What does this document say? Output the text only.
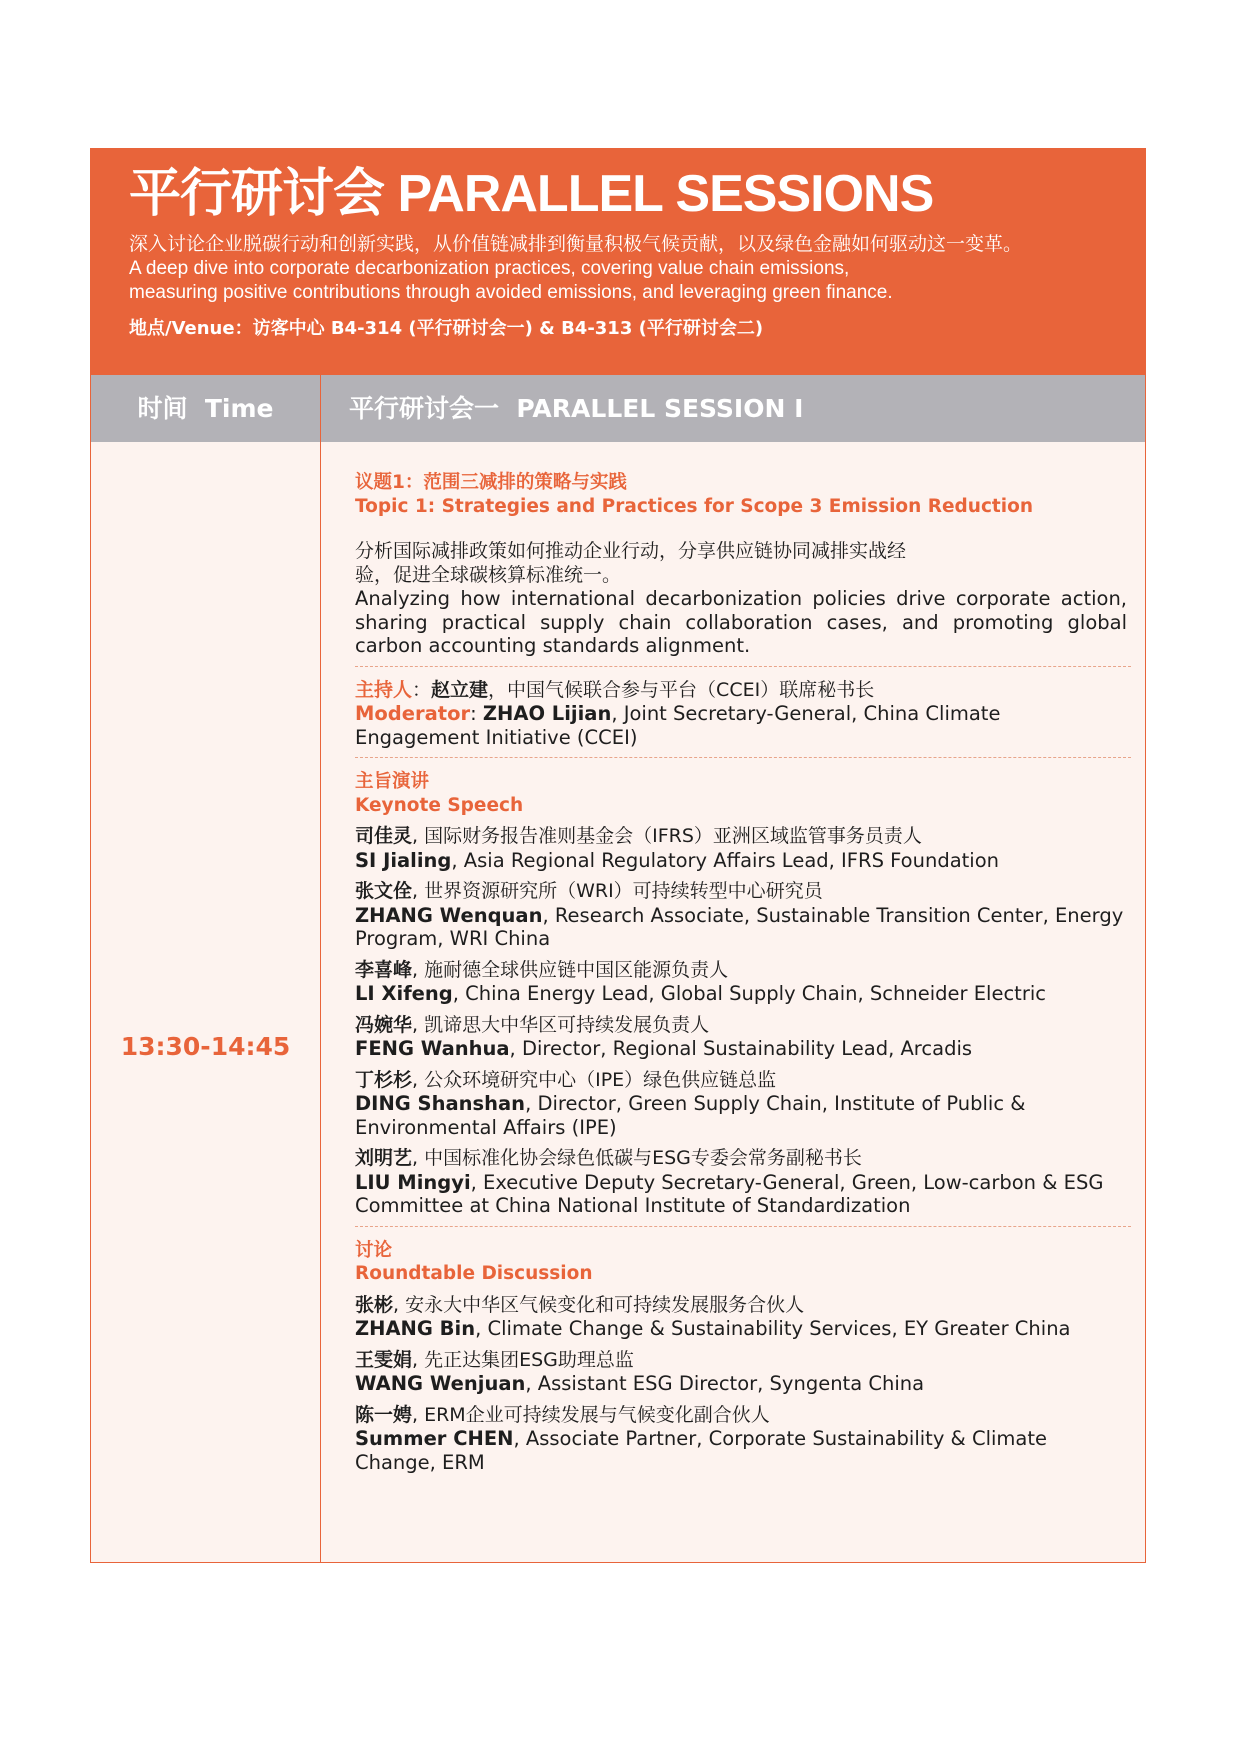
平行研讨会 PARALLEL SESSIONS
深入讨论企业脱碳行动和创新实践，从价值链减排到衡量积极气候贡献，以及绿色金融如何驱动这一变革。
A deep dive into corporate decarbonization practices, covering value chain emissions,
measuring positive contributions through avoided emissions, and leveraging green finance.
地点/Venue：访客中心 B4-314 (平行研讨会一) & B4-313 (平行研讨会二)
时间  Time	平行研讨会一  PARALLEL SESSION I
13:30-14:45
议题1：范围三减排的策略与实践
Topic 1: Strategies and Practices for Scope 3 Emission Reduction
分析国际减排政策如何推动企业行动，分享供应链协同减排实战经
验，促进全球碳核算标准统一。
Analyzing how international decarbonization policies drive corporate action, sharing practical supply chain collaboration cases, and promoting global carbon accounting standards alignment.
主持人：赵立建，中国气候联合参与平台（CCEI）联席秘书长
Moderator: ZHAO Lijian, Joint Secretary-General, China Climate Engagement Initiative (CCEI)
主旨演讲
Keynote Speech
司佳灵, 国际财务报告准则基金会（IFRS）亚洲区域监管事务员责人
SI Jialing, Asia Regional Regulatory Affairs Lead, IFRS Foundation
张文佺, 世界资源研究所（WRI）可持续转型中心研究员
ZHANG Wenquan, Research Associate, Sustainable Transition Center, Energy Program, WRI China
李喜峰, 施耐德全球供应链中国区能源负责人
LI Xifeng, China Energy Lead, Global Supply Chain, Schneider Electric
冯婉华, 凯谛思大中华区可持续发展负责人
FENG Wanhua, Director, Regional Sustainability Lead, Arcadis
丁杉杉, 公众环境研究中心（IPE）绿色供应链总监
DING Shanshan, Director, Green Supply Chain, Institute of Public & Environmental Affairs (IPE)
刘明艺, 中国标准化协会绿色低碳与ESG专委会常务副秘书长
LIU Mingyi, Executive Deputy Secretary-General, Green, Low-carbon & ESG Committee at China National Institute of Standardization
讨论
Roundtable Discussion
张彬, 安永大中华区气候变化和可持续发展服务合伙人
ZHANG Bin, Climate Change & Sustainability Services, EY Greater China
王雯娟, 先正达集团ESG助理总监
WANG Wenjuan, Assistant ESG Director, Syngenta China
陈一娉, ERM企业可持续发展与气候变化副合伙人
Summer CHEN, Associate Partner, Corporate Sustainability & Climate Change, ERM
